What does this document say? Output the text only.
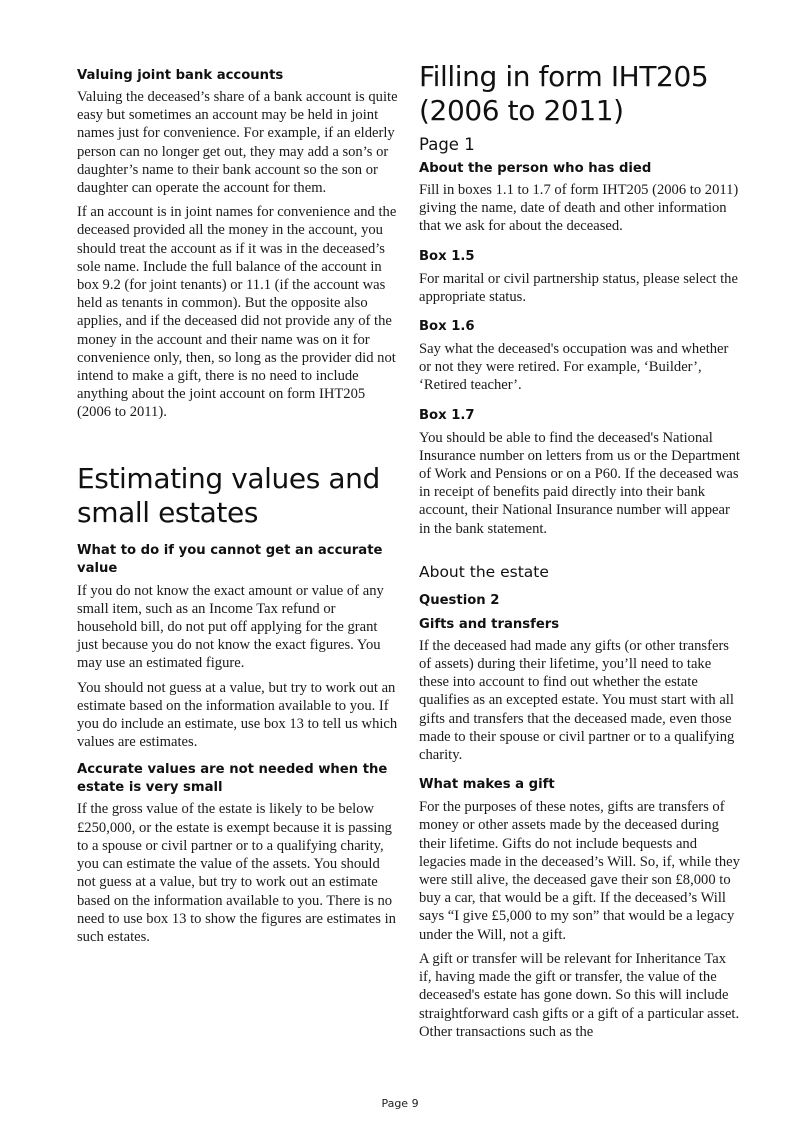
Valuing joint bank accounts

Valuing the deceased’s share of a bank account is quite easy but sometimes an account may be held in joint names just for convenience. For example, if an elderly person can no longer get out, they may add a son’s or daughter’s name to their bank account so the son or daughter can operate the account for them.

If an account is in joint names for convenience and the deceased provided all the money in the account, you should treat the account as if it was in the deceased’s sole name. Include the full balance of the account in box 9.2 (for joint tenants) or 11.1 (if the account was held as tenants in common). But the opposite also applies, and if the deceased did not provide any of the money in the account and their name was on it for convenience only, then, so long as the provider did not intend to make a gift, there is no need to include anything about the joint account on form IHT205 (2006 to 2011).

Estimating values and small estates
What to do if you cannot get an accurate value

If you do not know the exact amount or value of any small item, such as an Income Tax refund or household bill, do not put off applying for the grant just because you do not know the exact figures. You may use an estimated figure.

You should not guess at a value, but try to work out an estimate based on the information available to you. If you do include an estimate, use box 13 to tell us which values are estimates.

Accurate values are not needed when the estate is very small

If the gross value of the estate is likely to be below £250,000, or the estate is exempt because it is passing to a spouse or civil partner or to a qualifying charity, you can estimate the value of the assets. You should not guess at a value, but try to work out an estimate based on the information available to you. There is no need to use box 13 to show the figures are estimates in such estates.

Filling in form IHT205 (2006 to 2011)
Page 1
About the person who has died

Fill in boxes 1.1 to 1.7 of form IHT205 (2006 to 2011) giving the name, date of death and other information that we ask for about the deceased.

Box 1.5

For marital or civil partnership status, please select the appropriate status.

Box 1.6

Say what the deceased's occupation was and whether or not they were retired. For example, ‘Builder’, ‘Retired teacher’.

Box 1.7

You should be able to find the deceased's National Insurance number on letters from us or the Department of Work and Pensions or on a P60. If the deceased was in receipt of benefits paid directly into their bank account, their National Insurance number will appear in the bank statement.

About the estate
Question 2
Gifts and transfers

If the deceased had made any gifts (or other transfers of assets) during their lifetime, you’ll need to take these into account to find out whether the estate qualifies as an excepted estate. You must start with all gifts and transfers that the deceased made, even those made to their spouse or civil partner or to a qualifying charity.

What makes a gift

For the purposes of these notes, gifts are transfers of money or other assets made by the deceased during their lifetime. Gifts do not include bequests and legacies made in the deceased’s Will. So, if, while they were still alive, the deceased gave their son £8,000 to buy a car, that would be a gift. If the deceased’s Will says “I give £5,000 to my son” that would be a legacy under the Will, not a gift.

A gift or transfer will be relevant for Inheritance Tax if, having made the gift or transfer, the value of the deceased's estate has gone down. So this will include straightforward cash gifts or a gift of a particular asset. Other transactions such as the

Page 9
